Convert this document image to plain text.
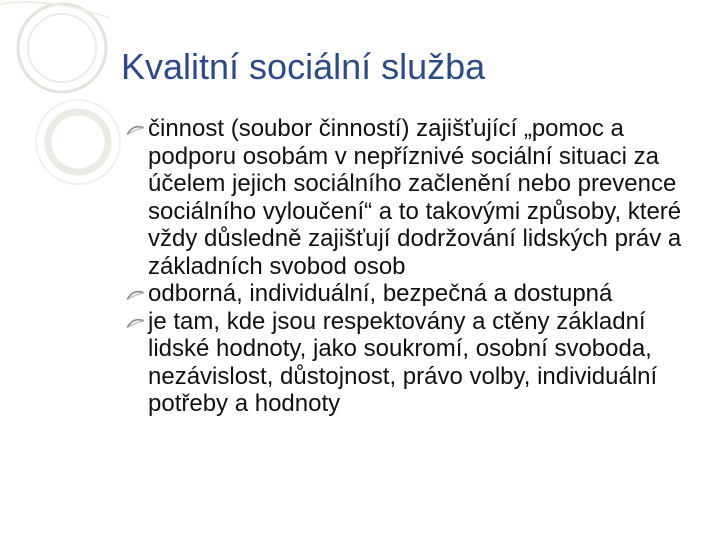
Kvalitní sociální služba
činnost (soubor činností) zajišťující „pomoc a podporu osobám v nepříznivé sociální situaci za účelem jejich sociálního začlenění nebo prevence sociálního vyloučení“ a to takovými způsoby, které vždy důsledně zajišťují dodržování lidských práv a základních svobod osob
odborná, individuální, bezpečná a dostupná
je tam, kde jsou respektovány a ctěny základní lidské hodnoty, jako soukromí, osobní svoboda, nezávislost, důstojnost, právo volby, individuální potřeby a hodnoty
